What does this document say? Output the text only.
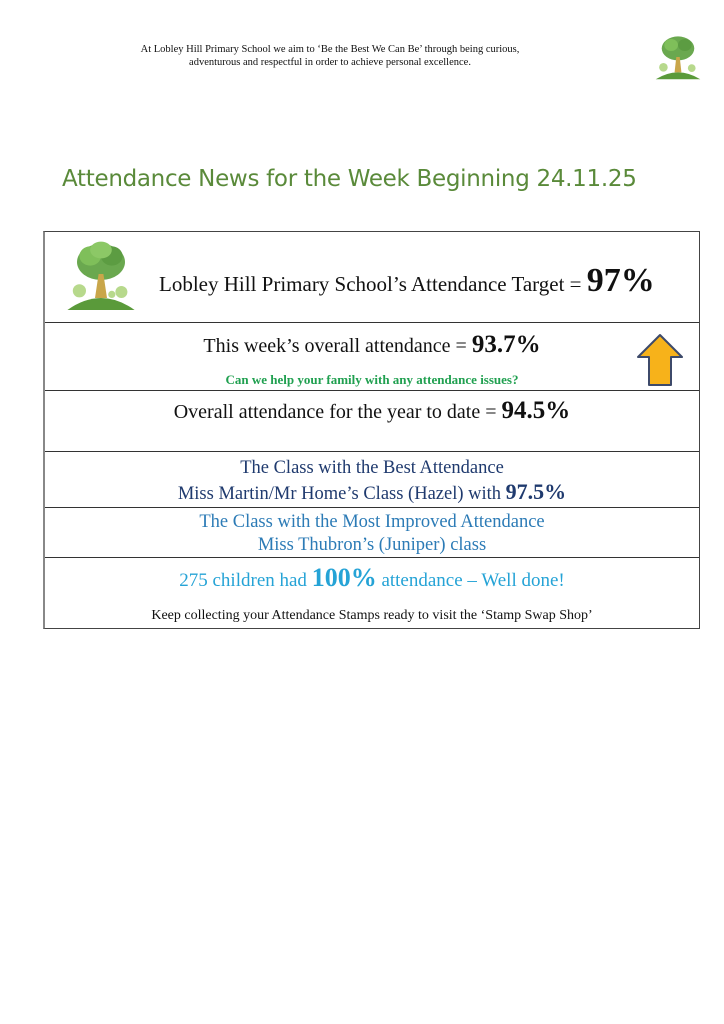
At Lobley Hill Primary School we aim to ‘Be the Best We Can Be’ through being curious,
adventurous and respectful in order to achieve personal excellence.
Attendance News for the Week Beginning 24.11.25
Lobley Hill Primary School’s Attendance Target = 97%
This week’s overall attendance = 93.7%
Can we help your family with any attendance issues?
Overall attendance for the year to date = 94.5%
The Class with the Best Attendance
Miss Martin/Mr Home’s Class (Hazel) with 97.5%
The Class with the Most Improved Attendance
Miss Thubron’s (Juniper) class
275 children had 100% attendance – Well done!
Keep collecting your Attendance Stamps ready to visit the ‘Stamp Swap Shop’
